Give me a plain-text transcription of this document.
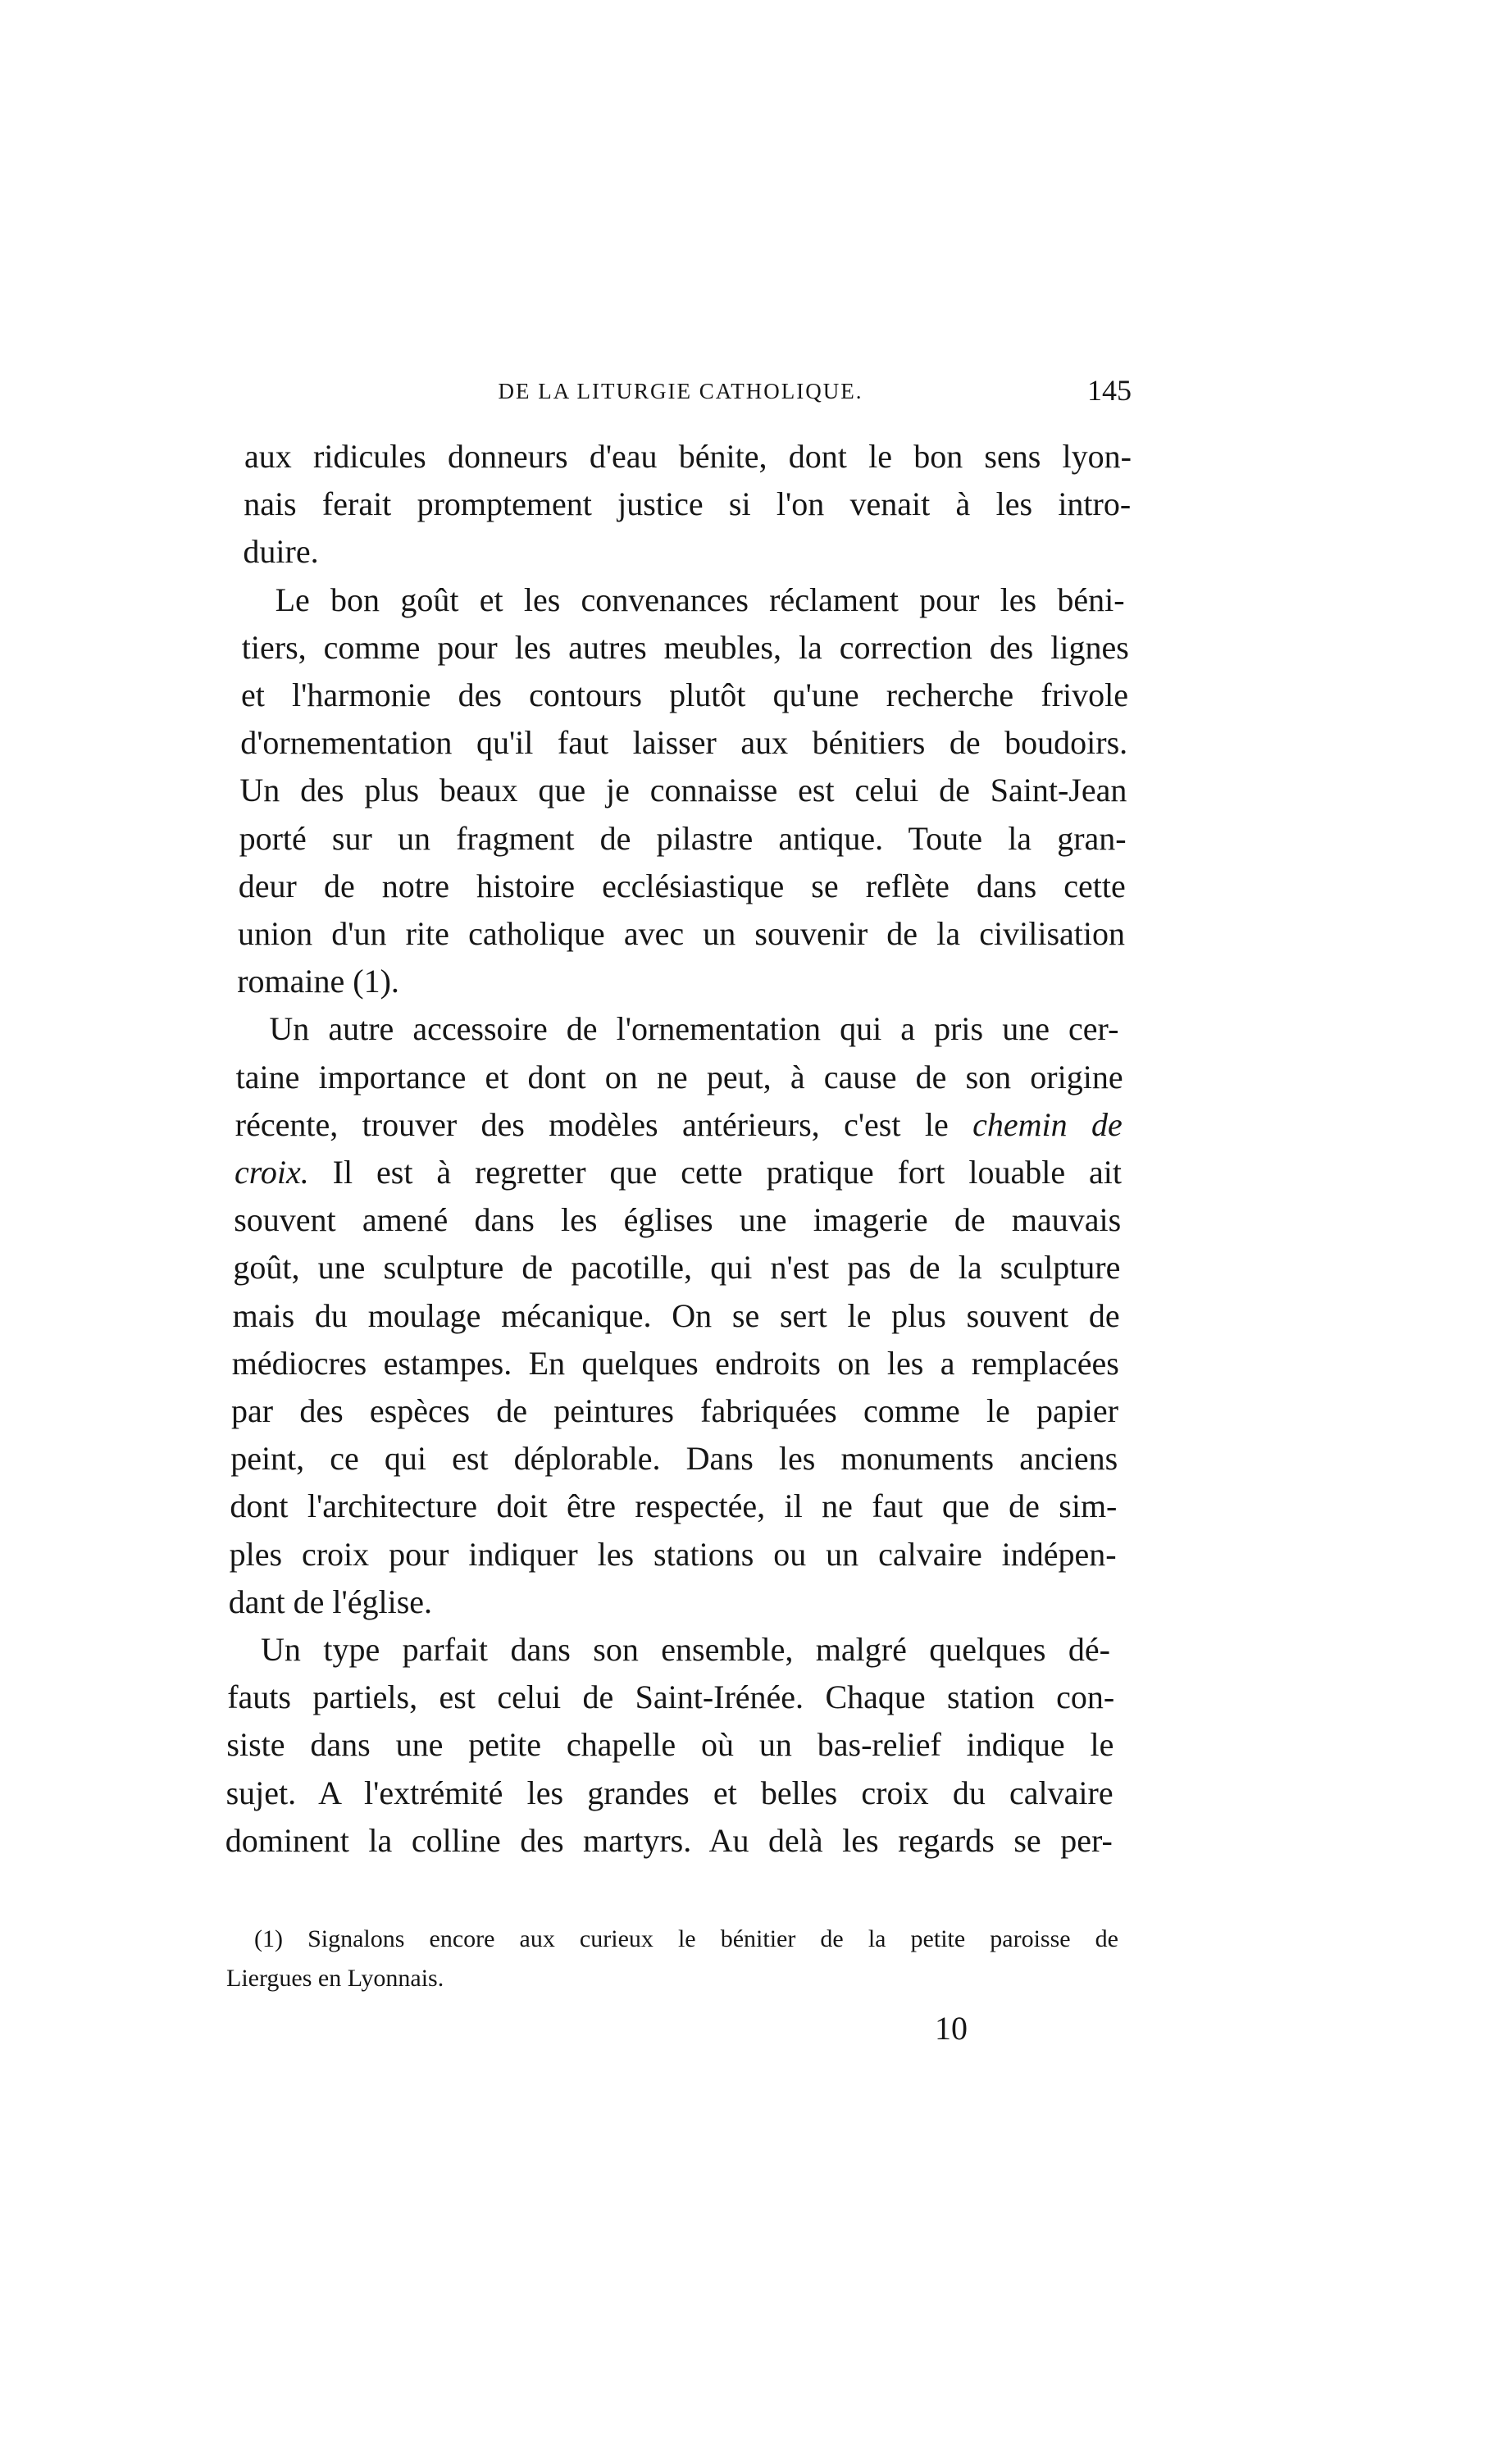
DE LA LITURGIE CATHOLIQUE.	145
aux ridicules donneurs d'eau bénite, dont le bon sens lyon-
nais ferait promptement justice si l'on venait à les intro-
duire.
Le bon goût et les convenances réclament pour les béni-
tiers, comme pour les autres meubles, la correction des lignes
et l'harmonie des contours plutôt qu'une recherche frivole
d'ornementation qu'il faut laisser aux bénitiers de boudoirs.
Un des plus beaux que je connaisse est celui de Saint-Jean
porté sur un fragment de pilastre antique. Toute la gran-
deur de notre histoire ecclésiastique se reflète dans cette
union d'un rite catholique avec un souvenir de la civilisation
romaine (1).
Un autre accessoire de l'ornementation qui a pris une cer-
taine importance et dont on ne peut, à cause de son origine
récente, trouver des modèles antérieurs, c'est le chemin de
croix. Il est à regretter que cette pratique fort louable ait
souvent amené dans les églises une imagerie de mauvais
goût, une sculpture de pacotille, qui n'est pas de la sculpture
mais du moulage mécanique. On se sert le plus souvent de
médiocres estampes. En quelques endroits on les a remplacées
par des espèces de peintures fabriquées comme le papier
peint, ce qui est déplorable. Dans les monuments anciens
dont l'architecture doit être respectée, il ne faut que de sim-
ples croix pour indiquer les stations ou un calvaire indépen-
dant de l'église.
Un type parfait dans son ensemble, malgré quelques dé-
fauts partiels, est celui de Saint-Irénée. Chaque station con-
siste dans une petite chapelle où un bas-relief indique le
sujet. A l'extrémité les grandes et belles croix du calvaire
dominent la colline des martyrs. Au delà les regards se per-
(1) Signalons encore aux curieux le bénitier de la petite paroisse de
Liergues en Lyonnais.
10
